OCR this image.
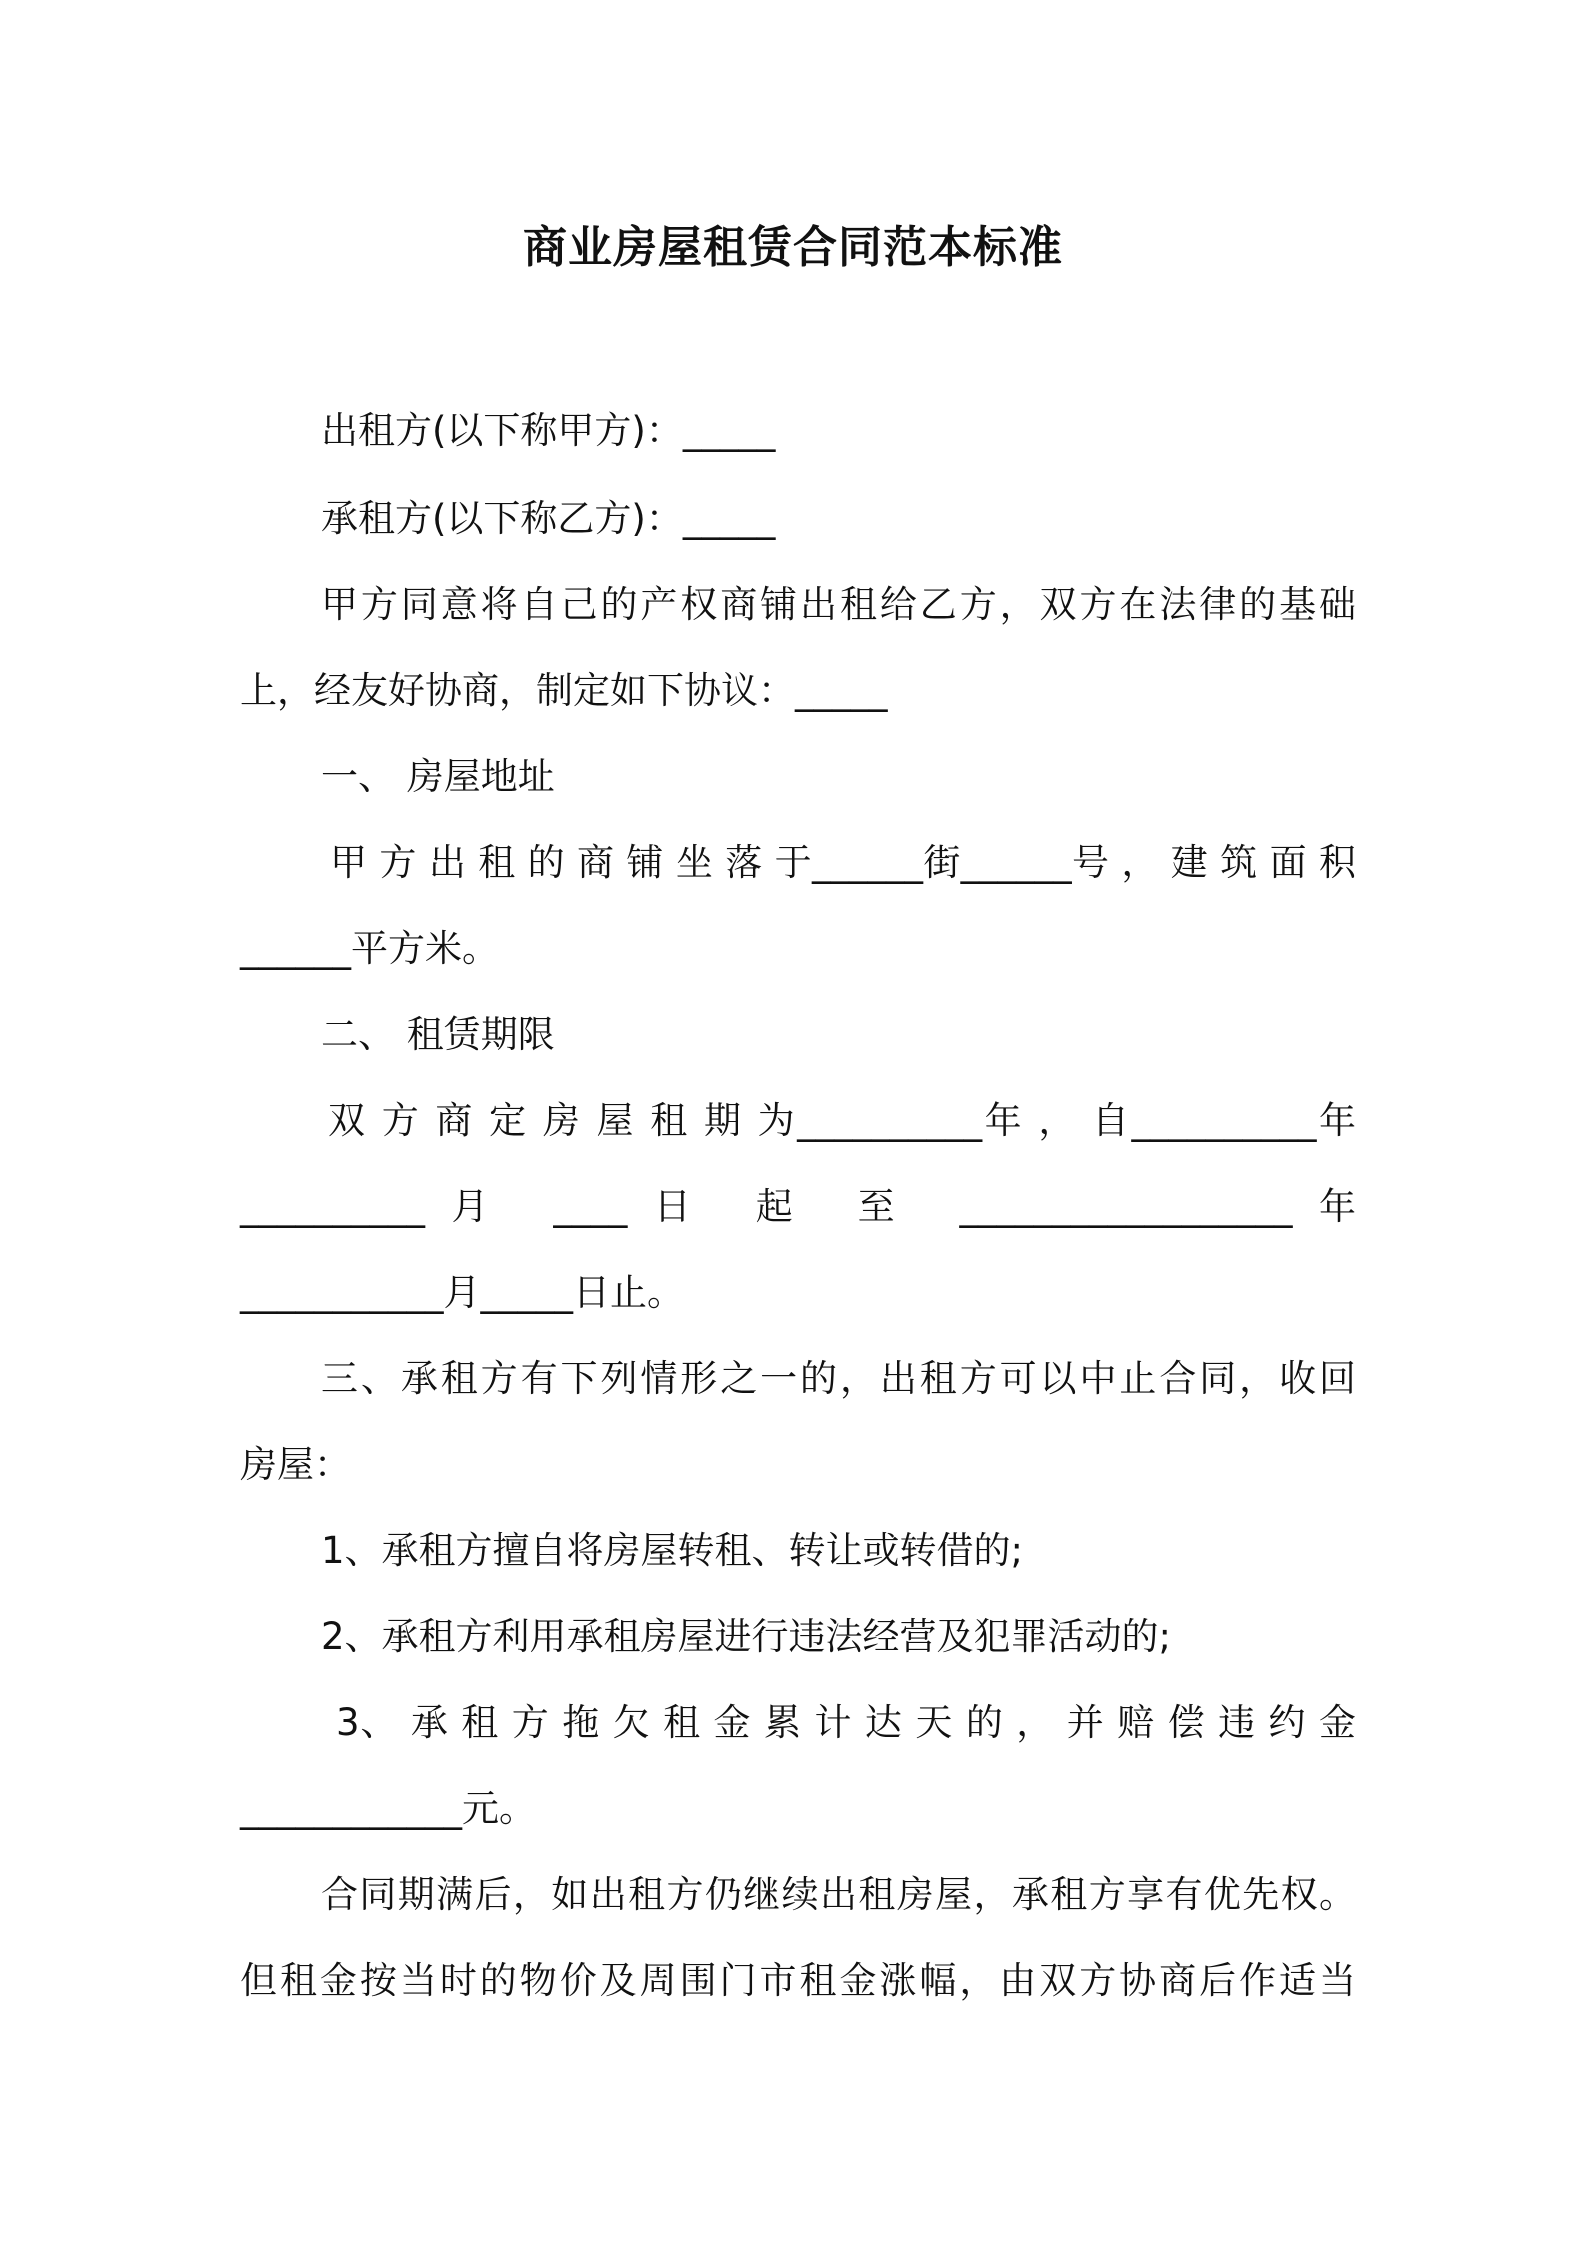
商业房屋租赁合同范本标准
出租方(以下称甲方)：_____
承租方(以下称乙方)：_____
甲方同意将自己的产权商铺出租给乙方，双方在法律的基础
上，经友好协商，制定如下协议：_____
一、 房屋地址
甲 方 出 租 的 商 铺 坐 落 于______街______号 ， 建 筑 面 积
______平方米。
二、 租赁期限
双 方 商 定 房 屋 租 期 为__________年 ， 自__________年
__________月 ____日 起 至 __________________年
___________月_____日止。
三、承租方有下列情形之一的，出租方可以中止合同，收回
房屋：
1、承租方擅自将房屋转租、转让或转借的;
2、承租方利用承租房屋进行违法经营及犯罪活动的;
3、 承 租 方 拖 欠 租 金 累 计 达 天 的 ， 并 赔 偿 违 约 金
____________元。
合同期满后，如出租方仍继续出租房屋，承租方享有优先权。
但租金按当时的物价及周围门市租金涨幅，由双方协商后作适当
